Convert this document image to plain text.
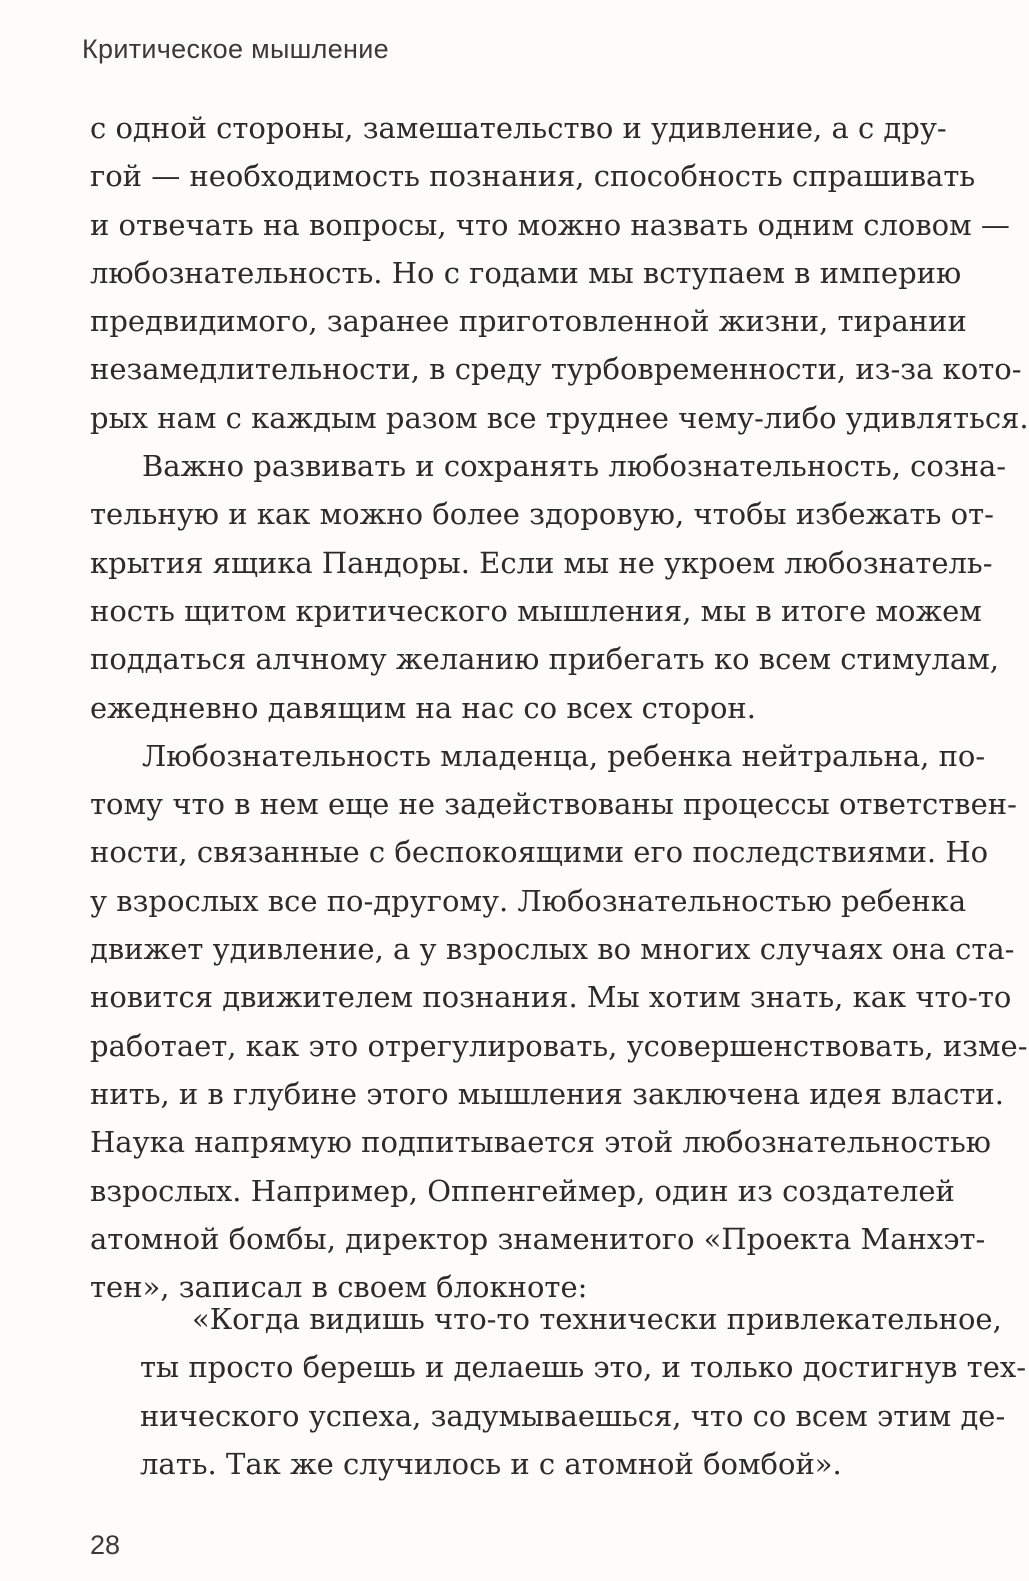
Критическое мышление
с одной стороны, замешательство и удивление, а с дру-
гой — необходимость познания, способность спрашивать
и отвечать на вопросы, что можно назвать одним словом —
любознательность. Но с годами мы вступаем в империю
предвидимого, заранее приготовленной жизни, тирании
незамедлительности, в среду турбовременности, из-за кото-
рых нам с каждым разом все труднее чему-либо удивляться.
Важно развивать и сохранять любознательность, созна-
тельную и как можно более здоровую, чтобы избежать от-
крытия ящика Пандоры. Если мы не укроем любознатель-
ность щитом критического мышления, мы в итоге можем
поддаться алчному желанию прибегать ко всем стимулам,
ежедневно давящим на нас со всех сторон.
Любознательность младенца, ребенка нейтральна, по-
тому что в нем еще не задействованы процессы ответствен-
ности, связанные с беспокоящими его последствиями. Но
у взрослых все по-другому. Любознательностью ребенка
движет удивление, а у взрослых во многих случаях она ста-
новится движителем познания. Мы хотим знать, как что-то
работает, как это отрегулировать, усовершенствовать, изме-
нить, и в глубине этого мышления заключена идея власти.
Наука напрямую подпитывается этой любознательностью
взрослых. Например, Оппенгеймер, один из создателей
атомной бомбы, директор знаменитого «Проекта Манхэт-
тен», записал в своем блокноте:
«Когда видишь что-то технически привлекательное,
ты просто берешь и делаешь это, и только достигнув тех-
нического успеха, задумываешься, что со всем этим де-
лать. Так же случилось и с атомной бомбой».
28
